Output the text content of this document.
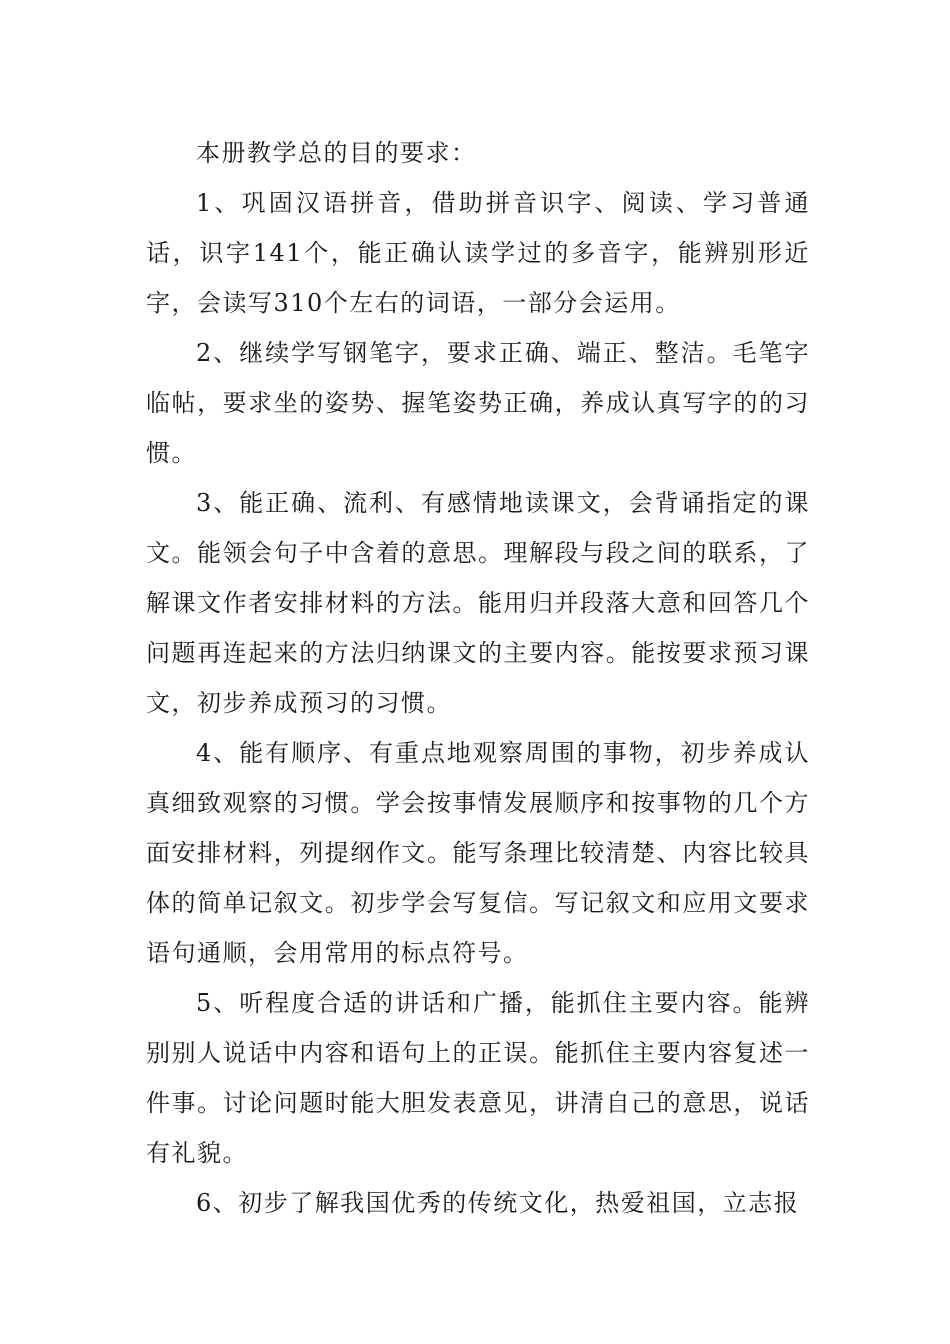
本册教学总的目的要求：

1、巩固汉语拼音，借助拼音识字、阅读、学习普通话，识字141个，能正确认读学过的多音字，能辨别形近字，会读写310个左右的词语，一部分会运用。

2、继续学写钢笔字，要求正确、端正、整洁。毛笔字临帖，要求坐的姿势、握笔姿势正确，养成认真写字的的习惯。

3、能正确、流利、有感情地读课文，会背诵指定的课文。能领会句子中含着的意思。理解段与段之间的联系，了解课文作者安排材料的方法。能用归并段落大意和回答几个问题再连起来的方法归纳课文的主要内容。能按要求预习课文，初步养成预习的习惯。

4、能有顺序、有重点地观察周围的事物，初步养成认真细致观察的习惯。学会按事情发展顺序和按事物的几个方面安排材料，列提纲作文。能写条理比较清楚、内容比较具体的简单记叙文。初步学会写复信。写记叙文和应用文要求语句通顺，会用常用的标点符号。

5、听程度合适的讲话和广播，能抓住主要内容。能辨别别人说话中内容和语句上的正误。能抓住主要内容复述一件事。讨论问题时能大胆发表意见，讲清自己的意思，说话有礼貌。

6、初步了解我国优秀的传统文化，热爱祖国，立志报
